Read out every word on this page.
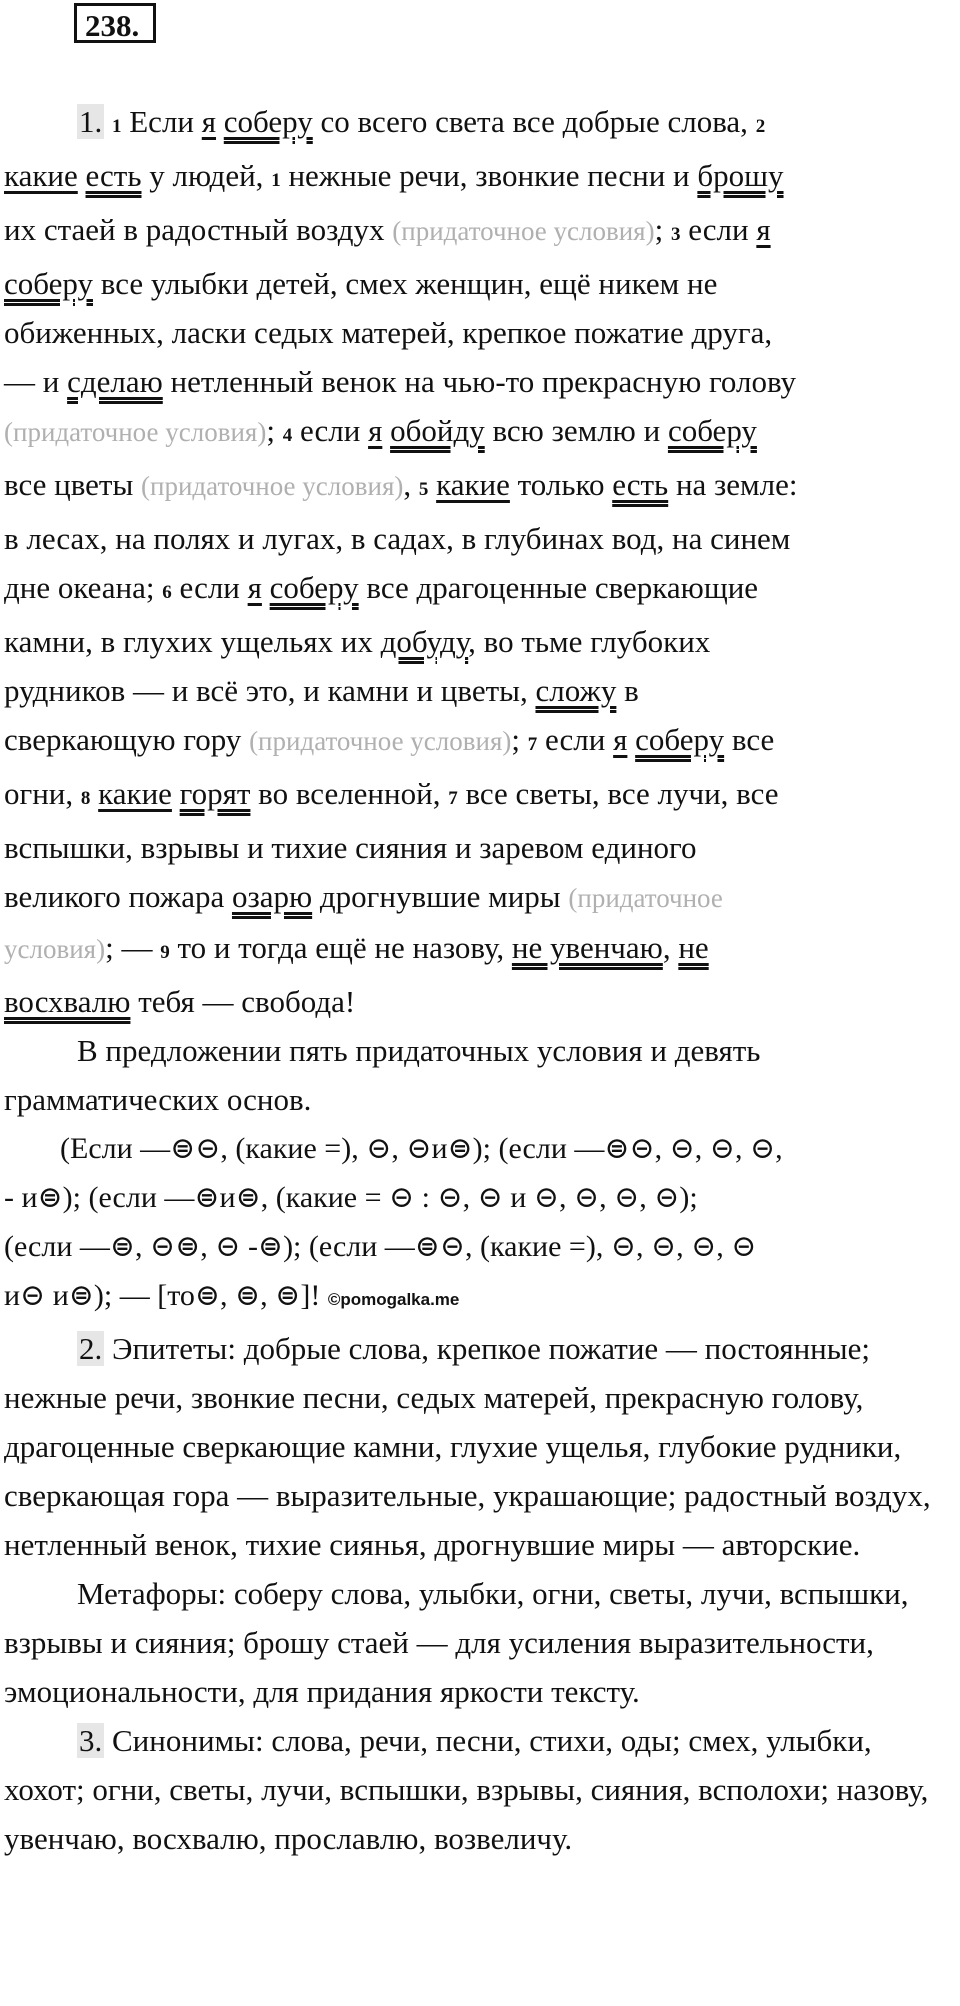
238.

1. 1 Если я соберу со всего света все добрые слова, 2
какие есть у людей, 1 нежные речи, звонкие песни и брошу
их стаей в радостный воздух (придаточное условия); 3 если я
соберу все улыбки детей, смех женщин, ещё никем не
обиженных, ласки седых матерей, крепкое пожатие друга,
— и сделаю нетленный венок на чью-то прекрасную голову
(придаточное условия); 4 если я обойду всю землю и соберу
все цветы (придаточное условия), 5 какие только есть на земле:
в лесах, на полях и лугах, в садах, в глубинах вод, на синем
дне океана; 6 если я соберу все драгоценные сверкающие
камни, в глухих ущельях их добуду, во тьме глубоких
рудников — и всё это, и камни и цветы, сложу в
сверкающую гору (придаточное условия); 7 если я соберу все
огни, 8 какие горят во вселенной, 7 все светы, все лучи, все
вспышки, взрывы и тихие сияния и заревом единого
великого пожара озарю дрогнувшие миры (придаточное
условия); — 9 то и тогда ещё не назову, не увенчаю, не
восхвалю тебя — свобода!

В предложении пять придаточных условия и девять грамматических основ.

(Если —⊜⊝, (какие =), ⊝, ⊝и⊜); (если —⊜⊝, ⊝, ⊝, ⊝,
- и⊜); (если —⊜и⊜, (какие = ⊝ : ⊝, ⊝ и ⊝, ⊝, ⊝, ⊝);
(если —⊜, ⊝⊜, ⊝ -⊜); (если —⊜⊝, (какие =), ⊝, ⊝, ⊝, ⊝
и⊝ и⊜); — [то⊜, ⊜, ⊜]! ©pomogalka.me

2. Эпитеты: добрые слова, крепкое пожатие — постоянные; нежные речи, звонкие песни, седых матерей, прекрасную голову, драгоценные сверкающие камни, глухие ущелья, глубокие рудники, сверкающая гора — выразительные, украшающие; радостный воздух, нетленный венок, тихие сиянья, дрогнувшие миры — авторские.

Метафоры: соберу слова, улыбки, огни, светы, лучи, вспышки, взрывы и сияния; брошу стаей — для усиления выразительности, эмоциональности, для придания яркости тексту.

3. Синонимы: слова, речи, песни, стихи, оды; смех, улыбки, хохот; огни, светы, лучи, вспышки, взрывы, сияния, всполохи; назову, увенчаю, восхвалю, прославлю, возвеличу.
